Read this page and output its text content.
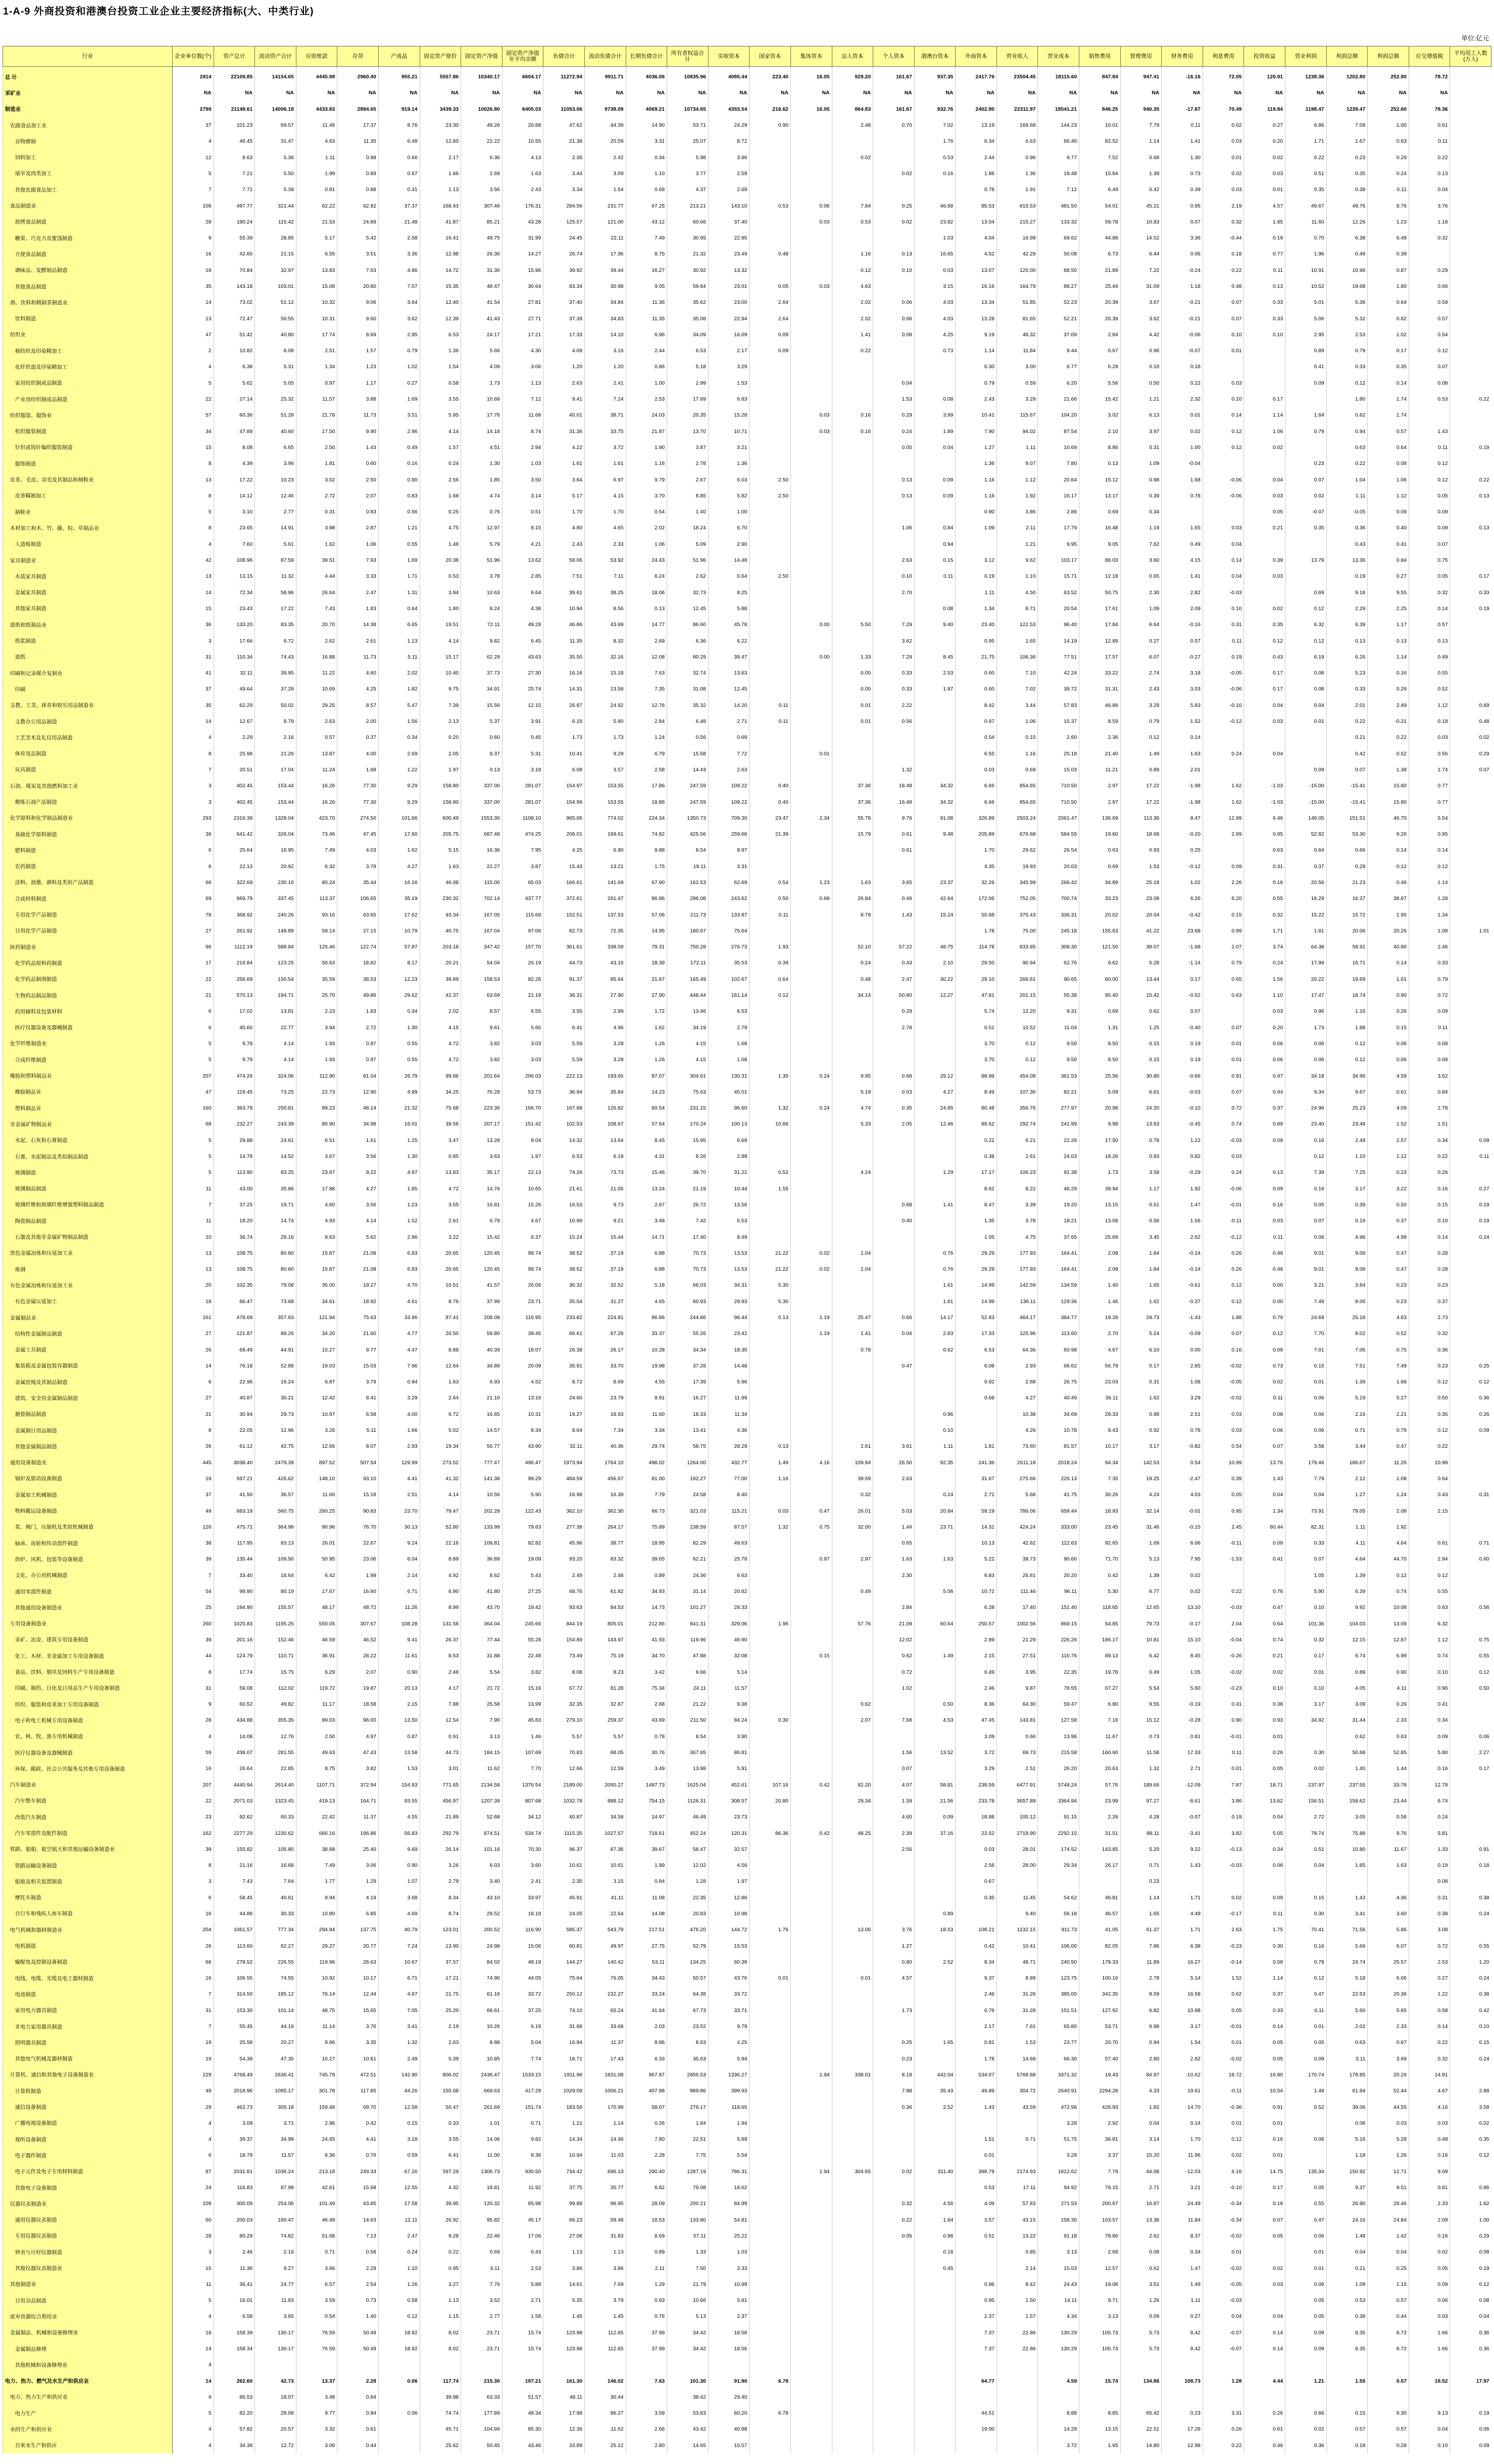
1-A-9 外商投资和港澳台投资工业企业主要经济指标(大、中类行业)
单位:亿元
行业	企业单位数(个)	资产总计	流动资产合计	应收账款	存货	产成品	固定资产原价	固定资产净值	固定资产净值年平均余额	负债合计	流动负债合计	长期负债合计	所有者权益合计	实收资本	国家资本	集体资本	法人资本	个人资本	港澳台资本	外商资本	营业收入	营业成本	销售费用	管理费用	财务费用	利息费用	投资收益	营业利润	利润总额	利润总额	应交增值税	平均用工人数(万人)
总 计	2914	22109.85	14154.65	4445.98	2960.40	955.21	5557.86	10340.17	6604.17	11272.94	9911.71	4036.06	10835.96	4085.44	223.40	16.05	929.20	161.67	937.35	2417.76	23504.45	18115.60	847.84	947.41	-16.16	72.05	120.91	1238.36	1202.80	252.90	78.72	
采矿业	NA	NA	NA	NA	NA	NA	NA	NA	NA	NA	NA	NA	NA	NA	NA	NA	NA	NA	NA	NA	NA	NA	NA	NA	NA	NA	NA	NA	NA	NA	NA	
制造业	2799	21148.61	14006.18	4433.83	2894.65	919.14	3439.33	10026.80	6405.03	11053.06	9738.09	4069.21	10734.65	4393.54	216.62	16.05	864.83	161.67	932.76	2402.80	22311.97	18541.21	846.25	940.35	-17.87	70.49	119.84	1198.47	1239.47	252.60	78.36	
农副食品加工业	37	101.23	69.57	11.46	17.37	8.76	23.30	49.26	20.88	47.62	44.39	14.90	53.71	24.29	0.90		2.48	0.70	7.02	13.19	169.68	144.23	10.01	7.79	0.11	0.02	0.27	6.86	7.09	1.00	0.61	
谷物磨制	4	46.45	31.47	4.63	11.35	6.48	12.60	22.22	10.55	21.38	20.59	3.31	25.07	8.72					1.76	6.34	6.63	86.46	82.52	1.14	1.41	0.03	0.20	1.71	1.67	0.63	0.11	
饲料加工	12	8.63	5.36	1.11	0.98	0.66	2.17	6.36	4.13	2.35	2.42	0.34	5.98	3.96			0.02		0.53	2.44	0.96	9.77	7.52	0.68	1.30	0.01	0.02	0.22	0.23	0.29	0.22	
屠宰及肉类加工	5	7.21	5.50	1.99	0.89	0.67	1.66	2.69	1.63	3.44	3.09	1.10	3.77	2.59				0.02	0.16	1.86	1.36	18.48	15.84	1.39	0.73	0.02	0.03	0.51	0.35	0.24	0.13	
其他农副食品加工	7	7.71	5.39	0.81	0.88	0.31	1.13	3.56	2.43	3.34	1.54	0.68	4.37	2.69						0.78	1.91	7.12	6.49	0.42	0.39	0.03	0.01	0.35	0.38	0.11	0.04	
食品制造业	106	497.77	321.44	62.22	62.92	37.37	168.43	307.46	176.31	284.56	231.77	67.25	213.21	143.10	0.53	0.06	7.84	0.25	46.68	85.53	615.53	481.50	54.01	45.21	0.95	2.19	4.57	49.67	49.76	8.76	3.76	
焙烤食品制造	28	180.24	115.42	21.53	24.89	21.48	41.87	85.21	43.28	125.57	121.00	43.12	60.66	37.40		0.03	0.53	0.02	23.82	13.04	215.27	133.32	59.78	10.83	0.07	0.32	1.95	11.60	12.26	1.23	1.18	
糖果、巧克力及蜜饯制造	9	55.39	28.85	5.17	5.42	2.58	16.41	49.75	31.99	24.45	22.11	7.49	30.95	22.95					1.03	4.04	16.99	69.62	44.88	14.52	3.36	-0.44	0.19	0.70	6.38	6.48	0.32	
方便食品制造	16	42.60	21.15	6.55	3.51	3.36	12.98	26.36	14.27	26.74	17.36	8.75	21.32	23.49	0.48		1.16	0.13	16.65	4.52	42.29	50.08	6.73	6.44	0.06	0.18	0.77	1.96	0.48	0.39		
调味品、发酵制品制造	18	70.84	32.97	13.83	7.63	4.86	14.72	31.30	15.96	39.92	39.44	16.27	30.92	13.32			0.12	0.10	0.03	13.07	120.00	88.50	21.89	7.22	-0.24	0.22	0.11	10.91	10.96	0.87	0.29	
其他食品制造	35	143.18	103.01	15.08	20.80	7.07	15.35	48.47	30.64	83.34	30.98	9.05	59.84	23.01	0.05	0.03	4.63		3.15	16.16	164.79	88.27	25.44	31.09	1.18	0.48	0.13	10.52	19.68	1.80	0.66	
酒、饮料和精制茶制造业	14	73.02	51.12	10.32	9.06	3.64	12.40	41.54	27.81	37.40	34.84	11.36	35.62	23.00	2.64		2.02	0.06	4.03	13.34	51.85	52.23	20.39	3.67	-0.21	0.07	0.33	5.01	5.36	0.64	0.59	
饮料制造	13	72.47	50.55	10.31	9.60	3.62	12.39	41.43	27.71	37.39	34.83	11.35	35.08	22.94	2.64		2.02	0.06	4.03	13.28	81.65	52.21	20.39	3.62	-0.21	0.07	0.33	5.06	5.32	0.62	0.57	
纺织业	47	51.42	40.80	17.74	8.69	2.95	6.53	24.17	17.21	17.33	14.10	6.96	34.09	16.09	0.09		1.41	0.08	4.25	9.19	46.32	37.09	2.84	4.42	-0.06	0.10	0.10	2.95	2.53	1.02	0.54	
棉纺织及印染精加工	2	10.82	8.08	2.51	1.57	0.79	1.36	5.66	4.30	4.09	3.16	2.44	6.53	2.17	0.09		0.22		0.73	1.14	11.84	9.44	0.67	0.96	-0.07	0.01		0.89	0.79	0.17	0.12	
化纤织造及印染精加工	4	6.38	5.31	1.34	1.23	1.02	1.54	4.09	3.06	1.20	1.20	0.86	5.18	3.29						0.30	3.00	6.77	6.28	0.10	0.18			0.41	0.33	0.35	0.07	
家用纺织制成品制造	5	5.62	5.05	0.97	1.17	0.27	0.58	1.73	1.13	2.63	2.41	1.00	2.99	1.53				0.04		0.79	0.59	6.20	5.56	0.50	0.22	0.03		0.09	0.12	0.14	0.08	
产业用纺织制成品制造	22	27.14	25.32	11.57	3.88	1.69	3.55	10.68	7.12	9.41	7.24	2.53	17.69	6.83				1.53	0.08	2.43	3.29	21.66	15.42	1.21	2.32	0.10	0.17		1.80	1.74	0.53	0.22
纺织服装、服饰业	57	60.36	51.28	21.78	11.73	3.51	5.95	17.76	11.68	40.01	38.71	24.03	20.35	15.28		0.03	0.16	0.29	3.99	10.41	115.67	104.20	3.02	6.13	0.01	0.14	1.14	1.64	0.62	1.74		
机织服装制造	34	47.89	40.60	17.50	9.90	2.96	4.14	14.18	8.74	31.36	33.75	21.87	13.70	10.71		0.03	0.16	0.24	1.89	7.90	94.02	87.54	2.10	3.97	0.02	0.12	1.06	0.79	0.94	0.57	1.43	
针织或钩针编织服装制造	15	8.08	6.65	2.50	1.43	0.49	1.57	4.51	2.94	4.22	3.72	1.90	3.87	3.21				0.05	0.04	1.27	1.11	10.69	8.86	0.31	1.00	0.12	0.02		0.63	0.64	0.11	0.19
服饰制造	8	4.39	3.96	1.81	0.60	0.16	0.24	1.30	1.03	1.61	1.61	1.16	2.78	1.36						1.36	9.07	7.80	0.13	1.09	-0.04			0.23	0.22	0.08	0.12	
皮革、毛皮、羽毛及其制品和制鞋业	13	17.22	10.23	3.02	2.50	0.90	2.56	1.85	3.50	3.64	6.97	9.79	2.67	6.03	2.50			0.13	0.09	1.16	1.12	20.64	15.12	0.98	1.68	-0.06	0.04	0.07	1.04	1.06	0.12	0.22
皮革鞣制加工	8	14.12	12.46	2.72	2.07	0.83	1.68	4.74	3.14	5.17	4.15	3.70	8.85	5.82	2.50			0.13	0.09	1.16	1.92	16.17	13.17	0.39	0.78	-0.06	0.03	0.02	1.11	1.12	0.05	0.13
制鞋业	5	3.10	2.77	0.31	0.83	0.56	0.25	0.76	0.51	1.70	1.70	0.54	1.40	1.00						0.90	3.86	2.86	0.69	0.34			0.05	-0.07	-0.05	0.09	0.09	
木材加工和木、竹、藤、棕、草制品业	8	23.65	14.91	3.98	2.87	1.21	4.75	12.97	8.15	4.80	4.65	2.02	18.24	6.70				1.06	0.84	1.09	2.11	17.79	16.48	1.19	1.65	0.03	0.21	0.35	0.36	0.40	0.09	0.13
人造板制造	4	7.60	5.61	1.62	1.06	0.55	1.48	5.79	4.21	2.43	2.33	1.06	5.09	2.90					0.94		1.21	9.95	9.05	7.62	0.49	0.04			0.43	0.41	0.07	
家具制造业	42	108.96	87.59	39.51	7.93	1.69	20.38	51.96	13.62	58.06	53.92	24.43	51.96	14.48				2.63	0.15	3.12	9.62	103.17	86.03	3.60	4.15	0.14	0.39	13.79	13.36	0.84	0.75	
木质家具制造	13	13.15	11.32	4.44	3.33	1.71	0.53	3.78	2.85	7.51	7.11	6.24	2.62	0.64	2.50			0.10	0.11	0.19	1.10	15.71	12.18	0.65	1.41	0.04	0.03		0.19	0.27	0.05	0.17
金属家具制造	14	72.34	58.96	26.64	2.47	1.31	3.94	10.63	6.64	39.61	38.25	18.06	32.73	8.25				2.70		1.11	4.50	63.52	50.75	2.30	2.82	-0.03		0.69	9.18	9.55	0.32	0.33
其他家具制造	15	23.43	17.22	7.43	1.83	0.64	1.80	8.24	4.38	10.94	8.56	0.13	12.45	5.88					0.08	1.34	8.71	20.54	17.61	1.09	2.09	0.10	0.02	0.12	2.29	2.25	0.14	0.19
造纸和纸制品业	36	133.20	83.35	20.70	14.38	6.65	19.51	72.11	49.28	46.86	43.69	14.77	86.60	45.78		0.00	5.50	7.29	9.40	23.40	122.53	96.40	17.84	6.64	-0.16	0.31	0.35	6.32	6.39	1.17	0.57	
纸浆制造	3	17.66	6.72	2.62	2.61	1.13	4.14	9.82	6.45	11.35	8.32	2.69	6.36	6.22				3.62		0.95	1.65	14.19	12.89	0.27	0.57	0.11	0.12	0.12	0.13	0.13	0.13	
造纸	31	110.34	74.43	16.88	11.73	5.11	15.17	62.29	43.63	35.50	32.16	12.08	80.29	39.47		0.00	1.33	7.29	8.45	21.75	106.36	77.51	17.57	6.07	-0.27	0.19	0.43	6.19	6.26	1.14	0.49	
印刷和记录媒介复制业	41	32.11	39.95	11.22	4.60	2.02	10.40	37.73	27.30	16.16	15.18	7.63	32.74	13.63			0.05	0.33	2.53	0.60	7.10	42.24	33.22	2.74	3.18	-0.05	0.17	0.08	5.23	0.16	0.55	
印刷	37	49.64	37.29	10.69	4.25	1.82	9.75	34.91	25.74	14.31	13.58	7.35	31.08	12.45			0.05	0.33	1.97	0.60	7.02	39.72	31.31	2.43	3.03	-0.06	0.17	0.08	0.33	0.29	0.52	
文教、工美、体育和娱乐用品制造业	35	62.29	50.02	29.25	8.57	5.47	7.39	15.56	12.15	26.97	24.92	12.76	35.32	14.20	0.11		0.01	2.22		8.42	3.44	57.83	46.88	3.29	5.83	-0.10	0.04	0.04	2.01	2.49	1.12	0.69
文教办公用品制造	14	12.67	8.79	2.63	2.00	1.56	2.13	5.37	3.91	6.19	5.80	2.84	6.48	2.71	0.11		0.01	0.56		0.97	1.06	15.37	8.59	0.79	1.52	-0.12	0.03	0.01	0.22	-0.21	0.18	0.48
工艺美术及礼仪用品制造	4	2.29	2.16	0.57	0.37	0.34	0.20	0.60	0.45	1.73	1.73	1.24	0.56	0.69						0.54	0.15	2.60	2.36	0.12	0.14				0.21	0.22	0.03	0.02
体育用品制造	8	25.98	21.26	13.87	4.00	2.69	2.05	8.37	5.31	10.41	9.29	6.79	15.58	7.72		0.01				6.55	1.16	25.18	21.40	1.49	1.63	0.24	0.04		0.42	0.52	0.56	0.29
玩具制造	7	20.51	17.04	11.24	1.68	1.22	1.97	0.13	3.18	6.08	3.57	2.58	14.43	2.63				1.32		0.03	0.69	15.03	11.21	0.89	2.01			0.09	0.07	1.38	1.74	0.07
石油、煤炭及其他燃料加工业	3	402.45	153.44	16.26	77.30	9.29	158.80	337.00	281.07	154.97	153.55	17.86	247.59	109.22	0.40		37.36	18.48	34.32	6.66	854.65	710.50	2.97	17.22	-1.98	1.62	-1.03	-15.00	-15.41	15.80	0.77	
精炼石油产品制造	3	402.45	153.44	16.26	77.30	9.29	158.80	337.00	281.07	154.99	153.55	18.86	247.59	109.22	0.40		37.36	16.48	34.32	6.66	854.65	710.50	2.97	17.22	-1.98	1.62	-1.03	-15.00	-15.41	15.80	0.77	
化学原料和化学制品制造业	293	2316.39	1328.04	423.70	274.50	101.66	600.49	1553.30	1108.10	965.06	774.02	224.34	1350.73	709.30	23.47	2.34	55.78	9.76	91.08	326.89	2503.24	2061.47	136.69	113.36	8.47	12.99	6.46	148.05	151.51	46.70	5.54	
基础化学原料制造	36	641.42	326.04	73.46	47.45	17.60	205.75	687.48	474.25	206.01	169.61	74.82	425.56	259.66	21.39		15.79	0.61	9.48	205.89	676.68	584.55	19.60	18.68	-0.20	2.69	0.95	52.82	53.30	9.26	0.95	
肥料制造	6	25.64	16.95	7.49	4.03	1.62	5.15	16.36	7.95	4.25	6.90	8.88	8.54	8.97				0.61		1.70	29.62	26.54	0.63	0.93	0.25		0.63	0.64	0.66	0.14	0.14	
农药制造	6	22.13	20.92	6.32	3.78	4.27	1.63	22.27	3.87	15.43	13.21	1.75	19.11	3.31						4.35	19.93	20.03	0.69	1.53	-0.12	0.09	0.31	0.37	0.29	0.12	0.12	
涂料、油墨、颜料及类似产品制造	66	322.69	230.10	80.24	35.44	16.16	46.08	115.00	65.03	166.61	141.69	67.90	162.53	62.69	0.54	1.23	1.63	3.65	23.37	32.26	345.99	266.42	34.89	25.18	1.02	2.26	0.16	20.56	21.23	0.46	1.14	
合成材料制造	69	669.79	337.45	113.37	106.65	35.19	230.32	702.14	437.77	372.61	261.47	86.86	296.08	243.62	0.50	0.68	26.84	0.46	42.64	172.06	752.05	700.74	33.23	23.08	6.26	6.20	0.55	16.29	16.37	38.87	1.28	
专用化学产品制造	78	368.92	240.26	93.16	63.65	17.62	93.34	167.05	115.69	152.51	137.53	57.06	211.73	133.87	0.11		8.79	1.43	15.24	55.68	375.43	336.31	20.02	20.04	-0.42	0.15	0.32	15.22	15.72	1.95	1.34	
日用化学产品制造	27	261.92	148.89	59.14	27.15	10.79	40.75	167.04	97.06	82.73	72.35	14.95	180.67	75.64						1.78	75.00	245.18	155.63	41.22	23.68	0.99	1.71	1.81	20.06	20.26	1.08	1.01
医药制造业	86	1112.19	588.84	125.46	122.74	57.87	203.18	347.42	157.70	361.61	338.59	79.31	750.28	276.73	1.93		52.10	57.22	48.75	114.78	833.85	308.30	121.50	38.07	-1.68	2.07	3.74	64.38	58.91	40.86	2.46	
化学药品原料药制造	17	216.84	123.25	50.63	18.82	8.17	20.21	54.04	26.19	44.73	43.16	18.39	172.11	35.53	0.39		0.24	0.43	2.10	29.50	90.94	62.76	9.62	5.28	-1.14	0.79	0.24	17.99	16.71	0.14	0.33	
化学药品制剂制造	22	256.69	150.54	35.59	38.53	12.23	39.89	158.53	82.28	91.37	85.64	21.67	165.49	102.67	0.64		0.48	2.47	30.22	29.10	266.61	90.65	60.00	13.44	0.17	0.65	1.56	20.22	19.69	1.61	0.79	
生物药品制品制造	21	570.13	194.71	25.70	49.86	29.62	42.37	63.69	21.19	38.31	27.90	27.90	448.44	161.14	0.12		34.14	50.80	12.27	47.81	201.15	55.38	95.40	15.42	-0.52	0.63	1.10	17.47	18.74	0.90	0.72	
药用辅料及包装材料	6	17.02	13.81	2.23	1.83	0.34	2.02	8.57	6.55	3.55	2.99	1.72	13.46	6.53				0.28		5.74	12.20	9.31	0.69	0.62	0.07		0.03	0.96	1.16	0.26	0.09	
医疗仪器设备及器械制造	6	40.60	22.77	3.94	2.72	1.30	4.15	9.61	5.66	6.41	4.96	1.62	34.19	2.79				2.78		0.51	10.52	11.04	1.31	1.25	-0.40	0.07	0.20	1.73	1.88	0.15	0.11	
化学纤维制造业	5	9.78	4.14	1.93	0.97	0.55	4.72	3.82	3.03	5.59	3.28	1.26	4.15	1.68						3.70	0.12	9.50	8.50	0.15	0.19	0.01	0.06	0.06	0.12	0.06	0.08	
合成纤维制造	5	9.78	4.14	1.93	0.97	0.55	4.72	3.82	3.03	5.59	3.28	1.26	4.15	1.68						3.70	0.12	9.50	8.50	0.15	0.19	0.01	0.06	0.06	0.12	0.06	0.08	
橡胶和塑料制品业	207	474.26	324.06	112.90	61.04	26.79	99.86	201.64	206.03	222.13	193.65	87.07	304.61	130.31	1.35	0.24	9.95	0.68	29.12	88.99	454.08	361.53	25.56	30.80	-0.66	0.91	0.47	34.18	34.96	4.59	3.62	
橡胶制品业	47	119.45	73.25	22.73	12.90	4.99	34.25	76.28	53.73	36.94	35.84	14.23	75.63	45.01			5.19	0.03	4.27	8.49	107.36	82.21	5.09	6.61	-0.03	0.07	0.44	9.34	9.67	0.61	0.84	
塑料制品业	160	363.79	250.81	89.23	48.14	21.32	75.68	223.36	166.70	167.68	126.82	60.54	231.15	96.60	1.32	0.24	4.74	0.35	24.85	80.48	356.76	277.97	20.98	24.20	-0.10	0.72	0.37	24.96	25.23	4.09	2.78	
非金属矿物制品业	68	232.27	243.39	80.90	34.98	16.01	39.56	207.17	151.42	102.53	108.67	57.64	170.24	100.13	10.66		5.33	2.05	12.46	89.62	292.74	241.99	9.98	13.63	-0.45	0.74	0.89	23.40	23.48	1.52	1.51	
水泥、石灰和石膏制造	5	29.88	24.61	6.51	1.61	1.25	3.47	13.28	9.04	14.32	13.64	8.45	15.95	6.69						0.22	6.21	22.26	17.50	0.78	1.22	-0.03	0.09	0.16	2.49	2.57	0.34	0.09
石膏、水泥制品及类似制品制造	5	14.78	14.52	3.67	3.56	1.30	0.85	3.63	1.97	6.53	6.18	4.31	8.26	2.99						0.38	2.61	24.03	18.26	0.83	0.82	0.03		0.12	1.10	1.12	0.22	0.11
玻璃制造	5	113.90	83.25	23.87	9.22	4.97	13.83	35.17	22.13	74.26	73.73	15.46	39.70	31.22	0.52		4.24		1.29	17.17	106.23	91.38	1.73	3.58	-0.29	0.24	0.13	7.39	7.25	0.23	0.26	
玻璃制品制造	11	43.00	35.86	17.88	4.27	1.85	4.72	14.76	10.65	21.61	21.05	13.24	21.19	10.44	1.55					8.62	8.22	46.29	39.94	1.17	1.92	-0.06	0.09	0.19	3.17	3.22	0.16	0.27
玻璃纤维和玻璃纤维增强塑料制品制造	7	37.25	19.71	4.60	3.56	1.23	3.55	16.81	15.26	16.53	9.73	2.67	26.72	13.56				0.68	1.41	8.47	3.39	19.20	13.15	0.51	1.47	-0.01	0.16	0.05	0.39	0.50	0.15	0.19
陶瓷制品制造	11	18.20	14.74	4.93	4.14	1.52	2.61	6.78	4.67	10.99	9.21	3.48	7.42	6.53				0.40		1.35	3.78	18.21	13.08	0.56	1.56	-0.11	0.03	0.07	0.19	0.37	0.10	0.19
石墨及其他非金属矿物制品制造	10	36.74	29.16	8.63	5.62	2.96	3.22	15.42	8.37	15.24	15.44	14.71	17.40	8.49						1.05	4.75	37.65	25.69	3.45	2.62	-0.12	0.11	0.06	4.96	4.99	0.14	0.24
黑色金属冶炼和压延加工业	13	108.75	80.60	15.87	21.08	6.83	20.65	120.45	99.74	38.52	37.19	6.88	70.73	13.53	21.22	0.02	1.04		0.76	29.29	177.93	164.41	2.08	1.84	-0.14	0.26	0.48	9.01	9.06	0.47	0.28	
炼钢	13	108.75	80.60	15.87	21.08	6.83	20.65	120.45	99.74	38.52	37.19	6.88	70.73	13.53	21.22	0.02	1.04		0.76	29.29	177.93	164.41	2.08	1.84	-0.14	0.26	0.48	9.01	9.06	0.47	0.28	
有色金属冶炼和压延加工业	20	102.35	79.08	35.00	19.27	4.70	10.51	41.57	26.06	36.32	32.52	5.18	66.03	34.31	5.30				1.61	14.99	142.59	134.59	1.40	1.65	-0.61	0.12	0.00	3.21	3.84	0.23	0.23	
有色金属压延加工	18	86.47	73.68	34.61	18.92	4.61	8.76	37.99	23.71	35.54	31.27	4.65	60.93	29.93	5.30				1.61	14.99	136.11	129.36	1.46	1.62	-0.37	0.12	0.00	7.49	8.00	0.23	0.37	
金属制品业	161	478.69	357.63	121.94	75.63	33.96	87.41	208.08	116.95	233.82	224.81	86.86	244.86	96.44	0.13	1.19	25.47	0.66	14.17	52.83	464.17	384.77	19.28	29.73	-1.43	1.88	0.79	24.69	25.16	4.63	2.73	
结构性金属制品制造	27	121.87	88.26	34.20	21.60	4.77	20.50	59.80	39.45	66.61	67.26	33.37	55.26	23.42		1.19	1.41	0.04	2.83	17.33	125.96	113.60	2.70	5.24	-0.09	0.07	0.12	7.70	8.02	0.52	0.32	
金属工具制造	26	68.49	44.91	15.27	9.77	4.47	8.88	40.39	18.07	26.38	26.17	10.28	34.34	18.30			0.78		0.62	6.53	64.36	60.98	4.67	6.10	0.00	0.16	0.09	7.01	7.06	0.75	0.36	
集装箱及金属包装容器制造	14	76.18	52.88	19.03	15.03	7.96	12.64	34.89	20.09	35.91	33.70	19.98	37.28	14.48				0.47		6.08	2.93	66.62	56.79	0.17	2.85	-0.02	0.73	0.15	7.51	7.49	0.23	0.25
金属丝绳及其制品制造	6	22.96	16.24	6.87	3.79	0.94	1.63	6.93	4.52	8.72	8.69	4.55	17.39	5.96						0.92	2.68	26.75	23.03	0.31	1.08	-0.05	0.02	0.01	1.39	1.68	0.12	0.12
建筑、安全用金属制品制造	27	40.87	30.21	12.42	8.41	3.29	2.64	21.10	13.16	24.60	23.79	8.91	16.27	11.99						0.68	4.27	40.49	36.11	1.62	3.29	-0.02	0.11	0.06	5.19	5.27	0.50	0.36
搪瓷制品制造	21	30.94	29.73	10.97	6.58	4.00	6.72	16.65	10.31	19.27	18.93	11.60	18.33	11.34					0.96		10.38	34.69	29.33	0.98	2.51	0.03	0.08	0.06	2.16	2.21	0.35	0.26
金属制日用品制造	8	22.05	12.96	3.26	5.11	1.66	5.02	14.57	8.34	8.64	7.34	3.34	13.41	4.36					0.10		4.26	10.78	9.43	0.92	0.78	0.03	0.06	0.06	0.71	0.79	0.12	0.09
其他金属制品制造	26	61.12	42.75	12.66	8.07	2.93	19.34	50.77	43.90	32.11	40.36	29.74	58.75	28.29	0.13		2.61	3.61	1.11	1.81	73.60	81.57	10.17	3.17	-0.82	0.54	0.07	3.58	3.44	0.47	0.22	
通用设备制造业	445	3038.40	2479.39	897.52	507.54	129.99	273.52	777.47	496.47	1973.94	1764.10	498.02	1264.00	432.77	1.49	4.16	109.94	26.50	92.35	241.36	2611.18	2018.24	94.34	142.53	0.54	10.99	13.76	179.46	186.67	11.26	10.99	
锅炉及原动设备制造	19	597.21	426.62	148.10	93.10	4.41	41.32	141.38	99.29	484.59	456.67	81.00	192.27	77.00	1.16		39.59	2.63		31.67	275.66	226.13	7.35	19.25	-2.47	0.39	1.43	7.79	2.12	1.08	0.64	
金属加工机械制造	37	41.50	36.57	11.60	15.18	2.51	4.14	10.56	5.90	16.98	16.39	7.79	24.58	8.40			0.32		0.24	2.71	5.68	41.75	30.26	4.24	4.03	0.05	0.04	0.04	1.27	1.24	0.43	0.31
物料搬运设备制造	49	683.19	560.75	260.25	90.83	23.70	79.47	202.28	122.43	362.10	362.30	66.73	321.03	115.21	0.03	0.47	26.01	5.03	20.84	59.19	786.06	659.44	18.93	32.14	-0.01	0.95	1.34	73.91	79.05	2.08	2.15	
泵、阀门、压缩机及类似机械制造	126	475.71	364.98	90.96	76.70	30.13	52.80	133.99	79.63	277.38	264.17	75.89	238.59	87.57	1.32	0.75	32.00	1.44	23.71	14.31	424.24	333.00	23.45	31.46	-0.15	2.45	80.44	82.31	1.11	1.92		
轴承、齿轮和传动部件制造	38	117.95	83.13	26.01	22.67	9.24	22.16	108.81	82.82	45.96	38.77	18.95	82.29	49.63				0.65		10.13	42.62	112.63	92.65	1.69	6.06	-0.11	0.09	0.33	4.11	4.64	0.61	0.71
烘炉、风机、包装等设备制造	39	135.44	109.50	50.95	23.06	6.04	8.89	36.89	19.09	93.20	83.32	39.65	62.21	25.78		0.97	2.97	1.63	1.63	5.22	39.73	90.60	71.70	5.13	7.95	-1.53	0.41	0.07	4.64	44.70	2.94	0.60
文化、办公用机械制造	7	33.40	18.64	6.42	1.99	2.14	4.92	8.62	5.43	2.49	2.46	0.89	24.36	6.63				2.30		6.83	26.81	20.20	0.42	1.39	0.02			1.05	1.39	0.12	0.12	
通用零部件制造	54	99.90	80.19	17.67	16.60	6.71	6.90	41.80	27.25	68.76	61.82	34.93	31.14	20.82			0.49		5.06	10.72	111.46	96.11	5.30	6.77	0.02	0.22	0.76	5.90	6.39	0.74	0.55	
其他通用设备制造业	25	194.90	155.57	48.17	48.72	11.26	8.99	43.70	19.42	93.63	84.53	14.73	101.27	28.33				2.84		6.28	17.40	151.40	118.65	12.65	13.10	-0.03	0.47	0.10	9.92	10.08	0.63	0.56
专用设备制造业	260	1025.83	1195.25	550.05	307.67	108.28	131.58	364.04	245.66	844.19	805.01	212.86	841.31	329.06	1.96		57.76	21.09	60.64	250.57	1002.56	869.15	54.85	79.73	-0.17	2.04	0.64	101.36	104.03	13.09	6.32	
采矿、冶金、建筑专用设备制造	39	201.16	152.46	46.59	46.52	9.41	26.37	77.44	55.28	154.89	143.97	41.93	119.96	46.90				12.02		2.89	21.29	226.26	186.17	10.81	15.10	-0.04	0.74	0.32	12.15	12.87	1.12	0.75
化工、木材、非金属加工专用设备制造	44	124.79	110.71	36.91	28.22	11.61	8.53	31.88	22.49	73.49	75.19	34.70	47.88	32.08		0.15		0.62	1.49	2.15	27.51	110.76	89.13	6.42	8.45	-0.26	0.21	0.17	6.74	6.99	0.74	0.55
食品、饮料、烟草及饲料生产专用设备制造	8	17.74	15.75	6.29	2.07	0.90	2.48	5.54	3.82	8.08	8.23	3.42	9.66	5.14				0.72		0.49	3.95	22.35	19.78	0.49	1.05	-0.02	0.02	0.01	0.89	0.90	0.10	0.12
印刷、制药、日化及日用品生产专用设备制造	31	59.08	112.02	119.72	19.87	20.13	4.17	21.72	15.16	67.72	81.28	75.34	24.11	11.57				1.02		2.46	9.87	78.55	67.27	5.54	5.60	-0.23	0.10	0.10	4.05	4.11	0.96	0.50
纺织、服装和皮革加工专用设备制造	9	60.52	49.82	11.17	18.58	2.15	7.88	25.58	13.99	32.35	32.87	2.68	21.22	9.38			0.62		0.50	8.36	64.30	59.47	6.80	9.55	-0.19	0.41	0.38	3.17	3.09	0.26	0.41	
电子和电工机械专用设备制造	28	434.88	355.35	89.03	96.00	13.50	12.54	7.90	45.83	279.10	259.37	43.69	211.50	84.24	0.30		2.07	7.68	4.53	47.45	143.81	127.58	7.16	15.12	-0.28	0.90	0.93	34.92	31.44	2.33	0.34	
农、林、牧、渔专用机械制造	4	14.08	12.76	2.50	4.97	0.87	0.91	3.13	1.46	5.57	5.57	0.78	8.54	3.90						3.09	0.66	13.96	11.67	0.73	0.81	-0.01	0.01		0.62	0.63	0.09	0.06
医疗仪器设备及器械制造	59	438.07	281.55	49.63	47.43	13.58	44.73	184.15	107.69	70.83	68.05	30.76	367.65	86.81				1.56	13.52	3.72	69.73	215.58	160.60	11.58	17.33	0.11	0.26	0.30	50.68	52.85	5.80	2.27
环保、邮政、社会公共服务及其他专用设备制造	16	26.64	22.85	8.75	3.82	1.53	3.01	11.62	7.70	12.66	12.59	3.49	13.98	5.91				0.07		3.29	2.51	26.20	20.63	1.32	2.71	0.01	0.05	0.02	1.40	1.44	0.16	0.17
汽车制造业	207	4440.94	2614.40	1107.71	372.94	154.93	771.65	2134.58	1376.54	2189.00	2050.27	1487.73	1625.04	452.61	107.16	0.42	82.20	4.07	58.81	239.59	6477.91	5748.24	57.76	189.66	-12.09	7.87	18.71	237.97	237.55	33.78	12.79	
汽车整车制造	22	2071.03	1323.45	419.13	164.71	93.55	456.97	1207.39	807.68	1032.78	988.12	754.15	1126.31	308.57	20.80		29.34	1.59	21.56	233.78	3657.89	3364.94	23.99	97.27	-8.61	3.86	13.62	156.51	158.62	23.44	6.74	
改装汽车制造	23	92.62	60.33	22.42	11.37	4.55	21.89	52.68	34.12	40.87	34.58	14.97	46.49	23.73				4.60	0.09	18.88	100.12	91.15	2.26	4.28	-0.07	0.19	0.04	2.72	3.05	0.58	0.24	
汽车零部件及配件制造	162	2277.29	1230.62	666.16	196.86	56.83	292.79	874.51	534.74	1115.35	1027.57	718.61	452.24	120.31	86.36	0.42	48.25	2.39	37.16	23.52	2719.90	2292.15	31.51	88.11	-3.41	3.82	5.05	78.74	75.88	9.76	5.81	
铁路、船舶、航空航天和其他运输设备制造业	39	155.82	105.80	38.68	25.40	9.69	26.14	101.16	70.30	96.37	87.36	39.67	58.47	32.57				2.56		0.03	28.01	174.52	143.85	5.20	9.22	-0.13	0.34	0.51	10.80	11.67	1.33	0.91
铁路运输设备制造	8	21.16	16.68	7.49	3.06	0.90	3.26	6.03	3.60	10.61	10.61	1.99	12.02	4.56						2.56	28.00	29.34	26.17	0.71	1.43	-0.03	0.06	0.04	1.65	1.63	0.19	0.18
船舶及相关装置制造	3	7.43	7.64	1.77	1.29	1.07	2.79	3.40	2.41	2.35	3.15	0.84	1.28	1.97						0.67				0.23							0.08	
摩托车制造	6	58.45	40.61	8.94	4.19	3.68	8.34	43.10	33.97	45.91	41.11	11.08	22.35	12.86						0.35	11.45	54.62	46.81	1.14	1.71	0.02	0.09	0.15	1.43	4.36	0.31	0.38
自行车和残疾人座车制造	16	44.86	30.33	10.80	6.85	4.69	8.74	29.52	18.18	24.05	22.64	14.08	20.83	10.98					0.89		9.40	56.18	46.57	1.65	4.49	-0.17	0.11	0.30	3.41	3.60	0.38	0.24
电气机械和器材制造业	204	1061.57	777.34	294.94	137.75	40.79	123.01	200.52	116.90	585.37	543.79	217.51	476.20	144.72	1.76		13.06	3.76	18.53	108.21	1132.15	911.73	41.05	61.37	1.71	2.63	1.75	70.41	71.56	5.86	3.08	
电机制造	26	113.60	82.27	29.27	20.77	7.24	13.90	24.98	15.06	60.81	49.97	27.75	52.79	15.53				1.27		0.42	10.41	106.00	82.05	7.86	6.38	-0.23	0.30	0.16	5.66	6.07	0.72	0.55
输配电及控制设备制造	66	278.52	226.55	119.96	26.63	10.67	37.57	84.02	48.19	144.27	140.42	53.11	134.25	60.38				0.80	2.52	8.34	48.71	240.50	179.33	11.89	16.27	-0.14	0.58	0.78	24.74	25.57	2.53	1.20
电线、电缆、光缆及电工器材制造	16	106.55	74.55	10.92	10.17	6.71	17.21	74.90	44.05	75.64	76.05	34.43	50.57	43.76	0.01		0.01	4.57		9.37	8.89	123.75	100.16	2.78	5.14	1.52	1.14	0.12	5.18	6.06	0.27	0.24
电池制造	7	314.50	185.12	76.14	12.44	4.67	21.75	61.16	33.72	250.12	232.27	33.24	64.38	33.72						2.46	31.26	385.00	342.35	8.59	16.58	0.62	0.37	0.47	22.53	20.36	1.22	0.38
家用电力器具制造	31	153.30	101.14	48.75	15.65	7.05	25.20	66.61	37.25	74.10	65.24	41.64	67.73	33.71				1.73		0.76	31.28	151.51	127.92	6.82	10.98	0.05	0.33	0.11	5.60	5.65	0.58	0.42
非电力家用器具制造	7	55.45	44.19	11.14	3.76	3.41	2.19	10.26	6.19	31.68	33.68	2.03	23.52	9.79						2.17	7.61	65.80	53.71	6.98	3.17	-0.01	0.14	0.01	2.02	2.33	0.14	0.10
照明器具制造	19	25.58	20.27	8.86	3.35	1.32	2.63	8.98	5.04	16.94	11.37	8.86	8.63	4.25				0.25	1.65	0.81	1.53	23.77	20.70	0.94	1.54	0.01	0.05	0.05	0.63	0.67	0.22	0.15
其他电气机械及器材制造	19	54.39	47.35	10.27	10.61	2.49	5.39	10.85	7.74	18.71	17.43	6.33	35.63	5.94				0.23		1.78	14.68	66.30	57.40	2.80	2.82	-0.02	0.05	0.09	3.11	3.69	0.32	0.24
计算机、通信和其他电子设备制造业	229	4768.49	2636.41	745.79	472.51	142.90	806.02	2436.47	1533.15	1911.96	1831.08	967.97	2856.53	1336.27		1.94	338.01	8.18	442.04	534.07	5768.88	3371.32	19.43	84.97	-10.62	18.72	16.80	170.74	178.85	20.26	14.81	
计算机制造	49	2018.96	1095.17	301.78	117.85	44.26	155.08	669.63	417.29	1029.09	1006.21	407.98	989.86	399.93				7.98	35.43	49.89	304.72	2640.91	2294.28	4.33	19.61	-0.11	10.54	1.49	61.94	52.44	4.67	2.88
通信设备制造	29	462.73	305.18	159.48	69.70	12.58	50.47	261.69	151.74	183.56	170.99	58.07	279.17	118.65				0.36	2.52	1.43	43.59	472.96	428.93	1.82	14.70	-0.36	0.91	0.52	39.06	44.55	4.16	3.58
广播电视设备制造	4	3.09	3.71	2.96	0.42	0.15	0.33	1.01	0.71	1.21	1.14	0.26	1.84	1.94								3.28	2.92	0.04	0.14	0.01	0.01		0.06	0.03	0.03	0.02
视听设备制造	4	39.37	34.99	24.65	4.41	3.18	3.55	14.06	9.82	14.34	14.46	7.80	22.51	5.89						1.51	0.71	51.75	36.81	3.14	1.70	0.12	0.16	0.06	5.16	5.28	0.48	0.35
电子器件制造	6	18.79	11.57	6.36	0.76	0.59	6.41	11.00	8.36	10.94	11.03	2.28	7.75	5.54						0.01		3.28	3.37	15.20	11.96	0.02	0.01		1.18	1.26	0.16	0.12
电子元件及电子专用材料制造	87	2031.81	1036.24	213.18	249.33	67.26	597.29	1306.73	930.50	734.42	696.13	290.40	1287.19	786.31		1.94	304.65	0.02	311.40	398.79	2174.93	1812.62	7.79	44.08	-12.03	6.16	14.75	135.34	150.92	12.71	9.09	
其他电子设备制造	24	116.83	87.98	42.61	15.68	12.55	4.32	18.81	11.92	37.75	35.77	6.82	79.08	18.62						0.53	17.11	94.92	79.15	2.71	3.21	-0.10	0.17	0.05	9.37	9.51	0.81	0.86
仪器仪表制造业	109	300.09	254.06	101.49	43.85	17.58	39.95	120.32	65.98	99.88	96.95	28.09	200.21	84.99				0.32	4.56	4.09	57.83	271.53	200.67	16.87	24.49	-0.34	0.18	0.55	26.90	28.46	2.33	1.62
通用仪器仪表制造	60	200.03	160.47	46.49	14.63	12.11	26.92	95.82	45.17	66.23	59.48	18.53	133.80	54.81				0.22	1.84	3.57	43.15	158.30	103.57	13.38	11.84	-0.34	0.07	0.47	24.16	24.84	2.09	1.00
专用仪器仪表制造	28	80.29	74.82	51.68	7.13	2.47	9.28	22.46	17.06	27.06	31.83	8.69	57.11	25.22				0.05	0.98	0.51	13.22	91.18	79.86	2.62	8.37	-0.02	0.05	0.06	1.48	1.42	0.16	0.29
钟表与计时仪器制造	3	2.46	2.16	0.71	0.58	0.24	0.22	0.69	0.43	1.13	1.13	0.89	1.33	1.03					0.18		0.85	3.13	2.68	0.08	0.34	0.01		0.01	0.04	0.04	0.02	0.08
其他仪器仪表制造业	15	11.36	9.27	3.66	2.29	1.10	0.95	4.11	2.53	3.86	3.86	2.11	7.50	3.33					0.45		2.14	15.03	12.57	0.62	1.47	-0.02	0.02	0.01	0.21	0.25	0.05	0.19
其他制造业	11	36.41	24.77	6.57	2.54	1.26	3.27	7.76	5.88	14.61	7.69	1.29	21.79	10.99						0.96	8.42	24.43	19.08	3.51	1.49	-0.05	0.03	0.06	1.09	1.15	0.09	0.12
日用杂品制造	5	16.01	11.83	3.59	0.73	0.58	1.13	3.52	2.71	5.35	3.79	0.93	10.66	5.81						0.95	1.50	14.11	9.71	1.26	1.11	-0.03		0.05	0.53	0.57	0.06	0.08
废弃资源综合利用业	4	6.58	3.65	0.54	1.40	0.12	1.15	2.77	1.58	1.45	1.45	0.76	5.13	2.37						2.37	1.57	4.34	3.13	0.09	0.27	0.04	0.04	0.05	0.38	0.44	0.03	0.04
金属制品、机械和设备修理业	18	158.39	130.17	76.59	50.49	18.92	8.02	23.71	15.74	123.98	112.65	37.99	34.42	18.56						7.37	22.86	130.29	105.73	5.73	8.42	-0.07	0.14	0.09	8.35	8.72	1.66	0.36
金属制品修理	14	158.34	130.17	76.59	50.49	18.92	8.02	23.71	15.74	123.98	112.65	37.99	34.42	18.56						7.37	22.86	130.29	105.73	5.73	8.42	-0.07	0.14	0.09	8.35	8.72	1.66	0.36
其他机械和设备修理业	4																															
电力、热力、燃气及水生产和供应业	14	262.60	42.73	13.37	2.28	0.06	117.74	215.30	197.21	161.30	146.02	7.63	101.30	91.90	6.78					64.77		4.59	15.74	134.86	108.73	1.28	4.44	1.21	1.55	0.57	18.52	17.97
电力、热力生产和供应业	9	86.53	18.07	3.48	0.84		39.98	63.33	51.57	48.11	30.44		38.42	29.40																		
电力生产	5	82.20	28.08	9.77	0.94	0.06	74.74	177.89	48.34	17.98	86.27	3.59	53.83	60.20	6.78					44.51		8.88	8.85	65.42	0.23	3.31	0.26	0.66	0.15	9.30	9.13	0.19
水的生产和供应业	4	57.82	20.57	3.32	0.61		45.71	104.94	85.30	12.36	11.62	2.66	43.42	40.88						19.00		14.29	13.15	22.51	17.28	0.26	0.61	0.02	0.57	0.57	0.04	0.06
自来水生产和供应	4	34.39	12.72	3.06	0.44		25.62	50.45	43.46	33.89	25.12	2.80	14.65	10.57								3.72	1.65	14.80	12.98	0.22	0.46	0.36	0.18	0.28	0.10	0.09
